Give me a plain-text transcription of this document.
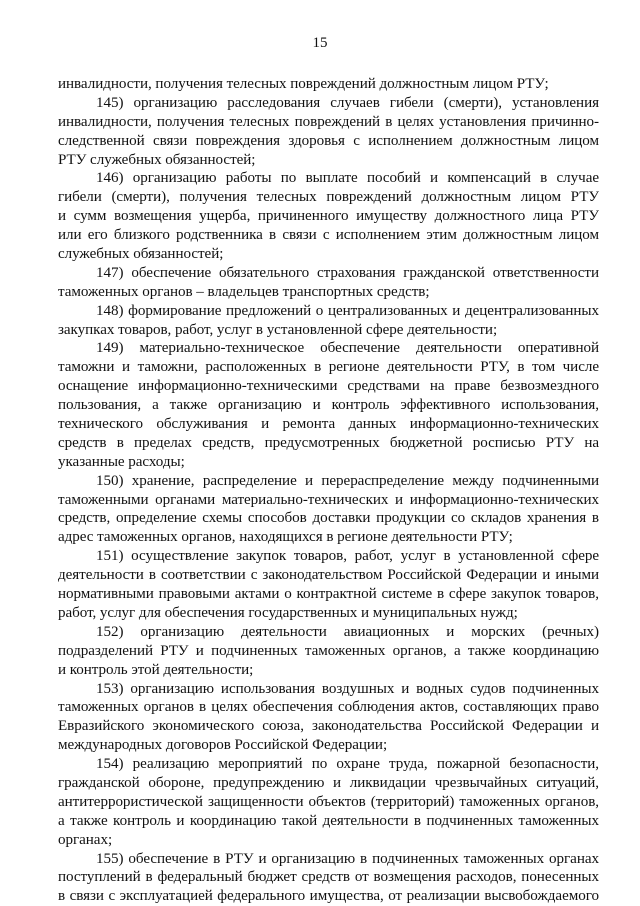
15
инвалидности, получения телесных повреждений должностным лицом РТУ;
145) организацию расследования случаев гибели (смерти), установления
инвалидности, получения телесных повреждений в целях установления причинно-
следственной связи повреждения здоровья с исполнением должностным лицом
РТУ служебных обязанностей;
146) организацию работы по выплате пособий и компенсаций в случае
гибели (смерти), получения телесных повреждений должностным лицом РТУ
и сумм возмещения ущерба, причиненного имуществу должностного лица РТУ
или его близкого родственника в связи с исполнением этим должностным лицом
служебных обязанностей;
147) обеспечение обязательного страхования гражданской ответственности
таможенных органов – владельцев транспортных средств;
148) формирование предложений о централизованных и децентрализованных
закупках товаров, работ, услуг в установленной сфере деятельности;
149) материально-техническое обеспечение деятельности оперативной
таможни и таможни, расположенных в регионе деятельности РТУ, в том числе
оснащение информационно-техническими средствами на праве безвозмездного
пользования, а также организацию и контроль эффективного использования,
технического обслуживания и ремонта данных информационно-технических
средств в пределах средств, предусмотренных бюджетной росписью РТУ на
указанные расходы;
150) хранение, распределение и перераспределение между подчиненными
таможенными органами материально-технических и информационно-технических
средств, определение схемы способов доставки продукции со складов хранения в
адрес таможенных органов, находящихся в регионе деятельности РТУ;
151) осуществление закупок товаров, работ, услуг в установленной сфере
деятельности в соответствии с законодательством Российской Федерации и иными
нормативными правовыми актами о контрактной системе в сфере закупок товаров,
работ, услуг для обеспечения государственных и муниципальных нужд;
152) организацию деятельности авиационных и морских (речных)
подразделений РТУ и подчиненных таможенных органов, а также координацию
и контроль этой деятельности;
153) организацию использования воздушных и водных судов подчиненных
таможенных органов в целях обеспечения соблюдения актов, составляющих право
Евразийского экономического союза, законодательства Российской Федерации и
международных договоров Российской Федерации;
154) реализацию мероприятий по охране труда, пожарной безопасности,
гражданской обороне, предупреждению и ликвидации чрезвычайных ситуаций,
антитеррористической защищенности объектов (территорий) таможенных органов,
а также контроль и координацию такой деятельности в подчиненных таможенных
органах;
155) обеспечение в РТУ и организацию в подчиненных таможенных органах
поступлений в федеральный бюджет средств от возмещения расходов, понесенных
в связи с эксплуатацией федерального имущества, от реализации высвобождаемого
